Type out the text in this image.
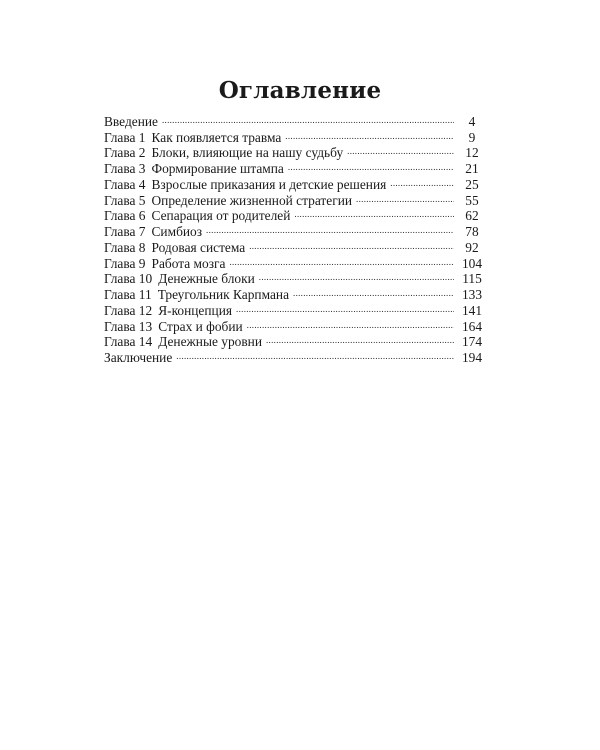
Оглавление
Введение .....	4
Глава 1 Как появляется травма .....	9
Глава 2 Блоки, влияющие на нашу судьбу .....	12
Глава 3 Формирование штампа .....	21
Глава 4 Взрослые приказания и детские решения .....	25
Глава 5 Определение жизненной стратегии .....	55
Глава 6 Сепарация от родителей .....	62
Глава 7 Симбиоз .....	78
Глава 8 Родовая система .....	92
Глава 9 Работа мозга .....	104
Глава 10 Денежные блоки .....	115
Глава 11 Треугольник Карпмана .....	133
Глава 12 Я-концепция .....	141
Глава 13 Страх и фобии .....	164
Глава 14 Денежные уровни .....	174
Заключение .....	194
